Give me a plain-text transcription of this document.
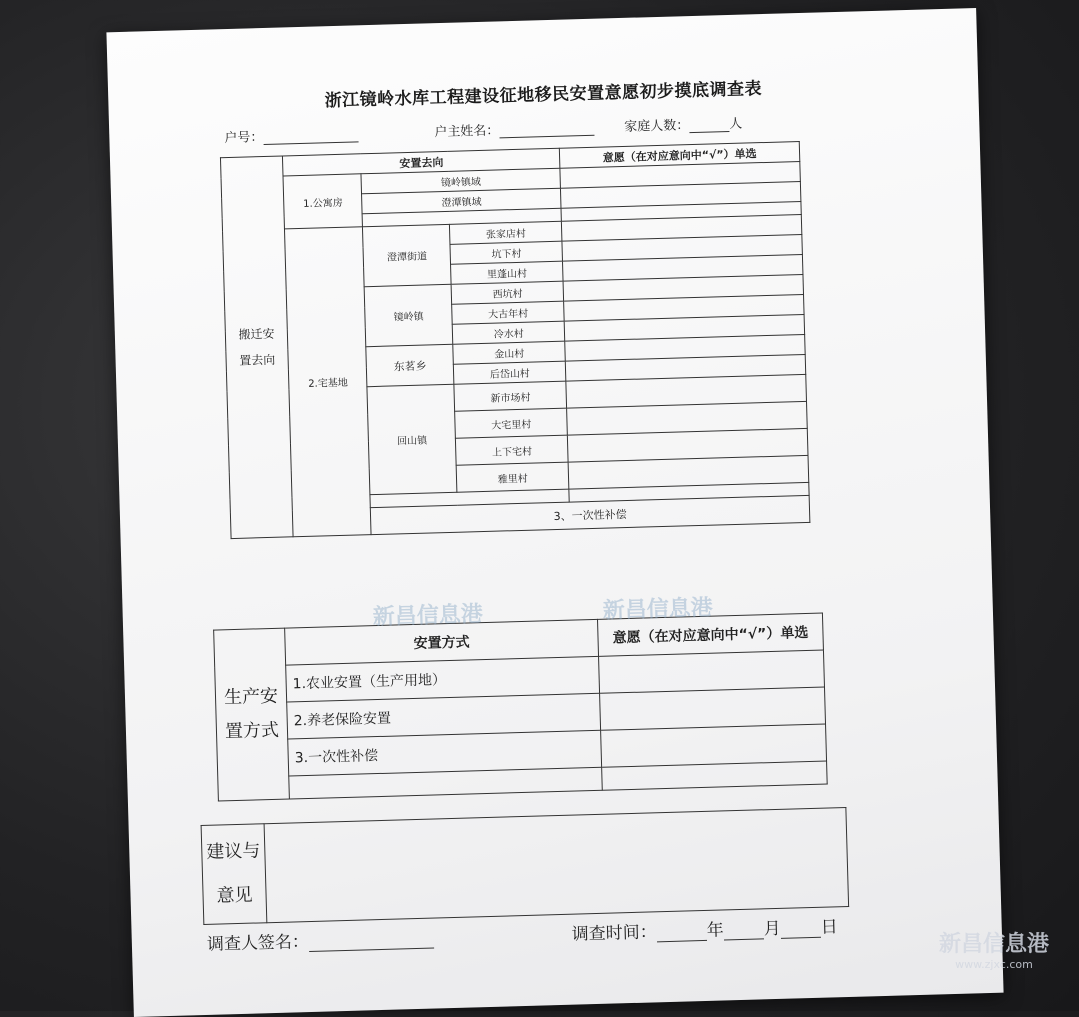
浙江镜岭水库工程建设征地移民安置意愿初步摸底调查表
户号：	户主姓名：	家庭人数：	人
搬迁安
置去向	安置去向			意愿（在对应意向中“√”）单选
	1.公寓房	镜岭镇域		
		澄潭镇域		

	2.宅基地	澄潭街道	张家店村	
			坑下村	
			里蓬山村	
		镜岭镇	西坑村	
			大古年村	
			冷水村	
		东茗乡	金山村	
			后岱山村	
		回山镇	新市场村	
			大宅里村	
			上下宅村	
			雅里村	

		3、一次性补偿		
生产安
置方式	安置方式	意愿（在对应意向中“√”）单选
	1.农业安置（生产用地）	
	2.养老保险安置	
	3.一次性补偿	

建议与
意见	
调查人签名：	调查时间：	年 月 日
新昌信息港	新昌信息港
新昌信息港
www.zjxc.com
